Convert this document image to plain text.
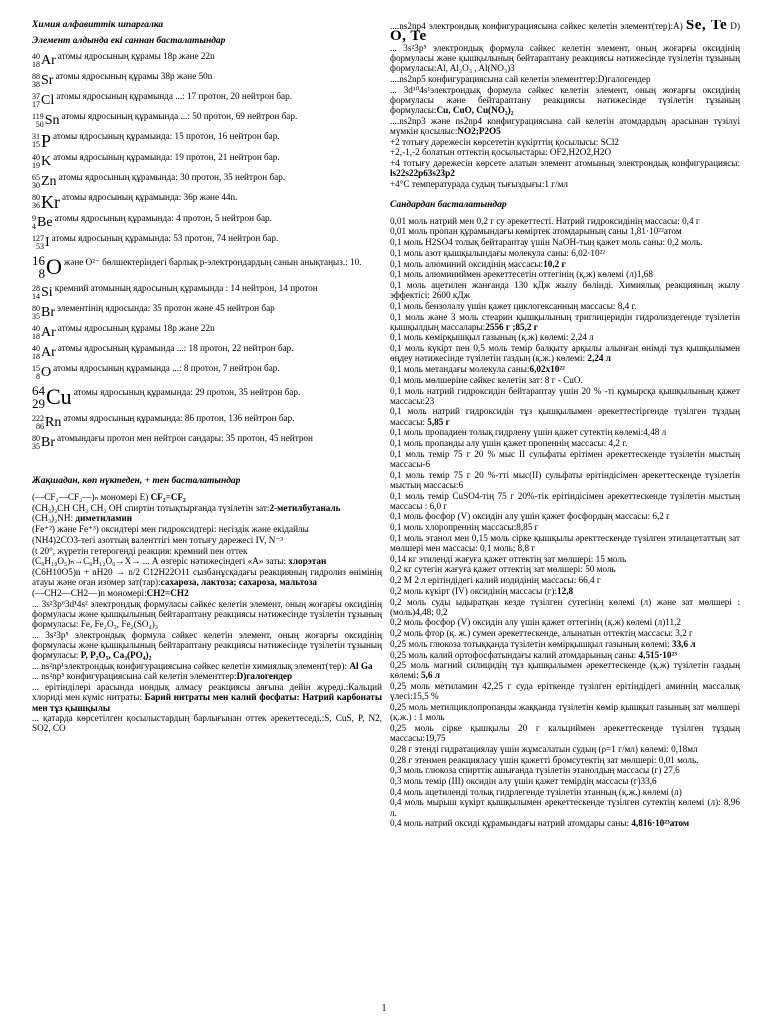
Химия алфавиттік шпаргалка
Элемент алдында екі саннан басталатындар
40
18 Ar атомы ядросының құрамы 18p және 22n
88
38 Sr атомы ядросының құрамы 38p және 50n
37
17 Cl атомы ядросының құрамында ...: 17 протон, 20 нейтрон бар.
119
50 Sn атомы ядросының құрамында ...: 50 протон, 69 нейтрон бар.
31
15 P атомы ядросының құрамында: 15 протон, 16 нейтрон бар.
40
19 K атомы ядросының құрамында: 19 протон, 21 нейтрон бар.
65
30 Zn атомы ядросының құрамында: 30 протон, 35 нейтрон бар.
80
36 Kr атомы ядросының құрамында: 36p және 44n.
9
4 Be атомы ядросының құрамында: 4 протон, 5 нейтрон бар.
127
53 I атомы ядросының құрамында: 53 протон, 74 нейтрон бар.
16
8 O және O²⁻ бөлшектеріндегі барлық р-электрондардың санын анықтаңыз.: 10.
28
14 Si кремний атомының ядросының құрамында : 14 нейтрон, 14 протон
80
35 Br элементінің ядросында: 35 протон және 45 нейтрон бар
40
18 Ar атомы ядросының құрамы 18p және 22n
40
18 Ar атомы ядросының құрамында ...: 18 протон, 22 нейтрон бар.
15
8 O атомы ядросының құрамында ...: 8 протон, 7 нейтрон бар.
64
29 Cu атомы ядросының құрамында: 29 протон, 35 нейтрон бар.
222
86 Rn атомы ядросының құрамында: 86 протон, 136 нейтрон бар.
80
35 Br атомындағы протон мен нейтрон сандары: 35 протон, 45 нейтрон
Жақшадан, көп нүктеден, + тен басталатындар

(—CF₂—CF₂—)ₙ мономері E) CF₂=CF₂

(CH₃)₂CH CH₂ CH₂ OH спиртін тотықтырғанда түзілетін зат:2-метилбутаналь

(CH₃)₂NH: диметиламин

(Fe⁺²) және Fe⁺³) оксидтері мен гидроксидтері: негіздік және екідайлы

(NH4)2CO3-тегі азоттың валенттігі мен тотығу дәрежесі IV, N⁻³

(t 20°, жүретін гетерогенді реакция: кремний пен оттек

(C₆H₁₀O₅)ₙ→C₆H₁₂O₆→X→ ... А өзгеріс нәтижесіндегі «А» заты: хлорэтан

(C6H10O5)n + nH20 → n/2 C12H22O11 сызбанұсқадағы реакцияның гидролиз өнімінің атауы және оған изомер зат(тар):сахароза, лактоза; сахароза, мальтоза

(—CH2—CH2—)n мономері:CH2=CH2

... 3s²3p⁶3d¹4s² электрондық формуласы сәйкес келетін элемент, оның жоғарғы оксидінің формуласы және қышқылының бейтараптану реакциясы нәтижесінде түзілетін тұзының формуласы: Fe, Fe₂O₃, Fe₂(SO₄)₃

... 3s²3p⁵ электрондық формула сәйкес келетін элемент, оның жоғарғы оксидінің формуласы және қышқылының бейтараптану реакциясы нәтижесінде түзілетін тұзының формуласы: P, P₂O₅, Ca₃(PO₄)₂

... ns²np¹электрондық конфигурациясына сәйкес келетін химиялық элемент(тер): Al Ga

... ns²np⁵ конфигурациясына сай келетін элементтер:D)галогендер

... ерітінділері арасында иондық алмасу реакциясы аяғына дейін жүреді.:Кальций хлориді мен күміс нитраты: Барий нитраты мен калий фосфаты: Натрий карбонаты мен тұз қышқылы

... қатарда көрсетілген қосылыстардың барлығынан оттек әрекеттеседі.:S, CuS, P, N2, SO2, CO

....ns2np4 электрондық конфигурациясына сәйкес келетін элемент(тер):A) Se, Te D) O, Te

... 3s²3p⁵ электрондық формула сәйкес келетін элемент, оның жоғарғы оксидінің формуласы және қышқылының бейтараптану реакциясы нәтижесінде түзілетін тұзының формуласы:Al, Al₂O₃ , Al(NO₃)3

....ns2np5 конфигурациясына сай келетін элементтер:D)галогендер

... 3d¹⁰4s¹электрондық формула сәйкес келетін элемент, оның жоғарғы оксидінің формуласы және бейтараптану реакциясы нәтижесінде түзілетін тұзының формуласы:Cu, CuO, Cu(NO₃)₂

....ns2np3 және ns2np4 конфигурациясына сай келетін атомдардың арасынан түзілуі мүмкін қосылыс:NO2;P2O5

+2 тотығу дәрежесін көрсететін күкірттің қосылысы: SCl2

+2,-1,-2 болатын оттектің қосылыстары: OF2,H2O2,H2O

+4 тотығу дәрежесін көрсете алатын элемент атомының электрондық конфигурациясы: ls22s22p63s23p2

+4°C температурада судың тығыздығы:1 г/мл

Сандардан басталатындар

0,01 моль натрий мен 0,2 г су әрекеттесті. Натрий гидроксидінің массасы: 0,4 г

0,01 моль пропан құрамындағы көміртек атомдарының саны 1,81·10²²атом

0,1 моль H2SO4 толық бейтараптау үшін NaOH-тың қажет моль саны: 0,2 моль.

0,1 моль азот қышқылындағы молекула саны: 6,02·10²²

0,1 моль алюминий оксидінің массасы:10,2 г

0,1 моль алюминиймен әрекеттесетін оттегінің (қ.ж) көлемі (л)1,68

0,1 моль ацетилен жанғанда 130 кДж жылу бөлінді. Химиялық реакцияның жылу эффектісі: 2600 кДж

0,1 моль бензолалу үшін қажет циклогексанның массасы: 8,4 г.

0,1 моль және 3 моль стеарин қышқылының триглицеридін гидролиздегенде түзілетін қышқылдың массалары:2556 г ;85,2 г

0,1 моль көмірқышқыл газының (қ.ж) көлемі: 2,24 л

0,1 моль күкірт пен 0,5 моль темір балқыту арқылы алынған өнімді тұз қышқылымен өңдеу нәтижесінде түзілетін газдың (қ.ж.) көлемі: 2,24 л

0,1 моль метандағы молекула саны:6,02x10²²

0,1 моль мөлшеріне сәйкес келетін зат: 8 г - CuO.

0,1 моль натрий гидроксидін бейтараптау үшін 20 % -ті құмырсқа қышқылының қажет массасы:23

0,1 моль натрий гидроксидін тұз қышқылымен әрекеттестіргенде түзілген тұздың массасы: 5,85 г

0,1 моль пропадиен толық гидрлену үшін қажет сутектің көлемі:4,48 л

0,1 моль пропанды алу үшін қажет пропеннің массасы: 4,2 г.

0,1 моль темір 75 г 20 % мыс II сульфаты ерітімен әрекеттескенде түзілетін мыстың массасы-6

0,1 моль темір 75 г 20 %-тті мыс(II) сульфаты ерітіндісімен әрекеттескенде түзілетін мыстың массасы:6

0,1 моль темір CuSO4-тің 75 г 20%-тік ерітіндісімен әрекеттескенде түзілетін мыстың массасы : 6,0 г

0,1 моль фосфор (V) оксидін алу үшін қажет фосфордың массасы: 6,2 г

0,1 моль хлоропреннің массасы:8,85 г

0,1 моль этанол мен 0,15 моль сірке қышқылы әректтескенде түзілген этилацетаттың зат мөлшері мен массасы: 0,1 моль; 8,8 г

0,14 кг этиленді жағуға қажет оттектің зат мөлшері: 15 моль

0,2 кг сутегін жағуға қажет оттектің зат мөлшері: 50 моль

0,2 М 2 л ерітіндідегі калий иодидінің массасы: 66,4 г

0,2 моль күкірт (IV) оксидінің массасы (г):12,8

0,2 моль суды ыдыратқан кезде түзілген сутегінің көлемі (л) және зат мөлшері : (моль)4,48; 0,2

0,2 моль фосфор (V) оксидін алу үшін қажет оттегінің (қ.ж) көлемі (л)11,2

0,2 моль фтор (қ. ж.) сумен әрекеттескенде, алынатын оттектің массасы: 3,2 г

0,25 моль глюкоза тотыққанда түзілетін көмірқышқыл газының көлемі: 33,6 л

0,25 моль калий ортофосфатындағы калий атомдарының саны: 4,515·10²³

0,25 моль магний силицидің тұз қышқылымен әрекеттескенде (қ.ж) түзілетін газдың көлемі: 5,6 л

0,25 моль метиламин 42,25 г суда еріткенде түзілген ерітіндідегі аминнің массалық үлесі:15,5 %

0,25 моль метилциклопропанды жаққанда түзілетін көмір қышқыл газының зат мөлшері (қ.ж.) : 1 моль

0,25 моль сірке қышқылы 20 г кальциймен әрекеттескенде түзілген тұздың массасы:19,75

0,28 г этенді гидратациялау үшін жұмсалатын судың (ρ=1 г/мл) көлемі: 0,18мл

0,28 г этенмен реакцияласу үшін қажетті бромсутектің зат мөлшері: 0,01 моль.

0,3 моль глюкоза спирттік ашығанда түзілетін этанолдың массасы (г) 27,6

0,3 моль темір (III) оксидін алу үшін қажет темірдің массасы (г)33,6

0,4 моль ацетиленді толық гидрлегенде түзілетін этанның (қ.ж.) көлемі (л)

0,4 моль мырыш күкірт қышқылымен әрекеттескенде түзілген сутектің көлемі (л): 8,96 л.

0,4 моль натрий оксиді құрамындағы натрий атомдары саны: 4,816·10²³атом

1
